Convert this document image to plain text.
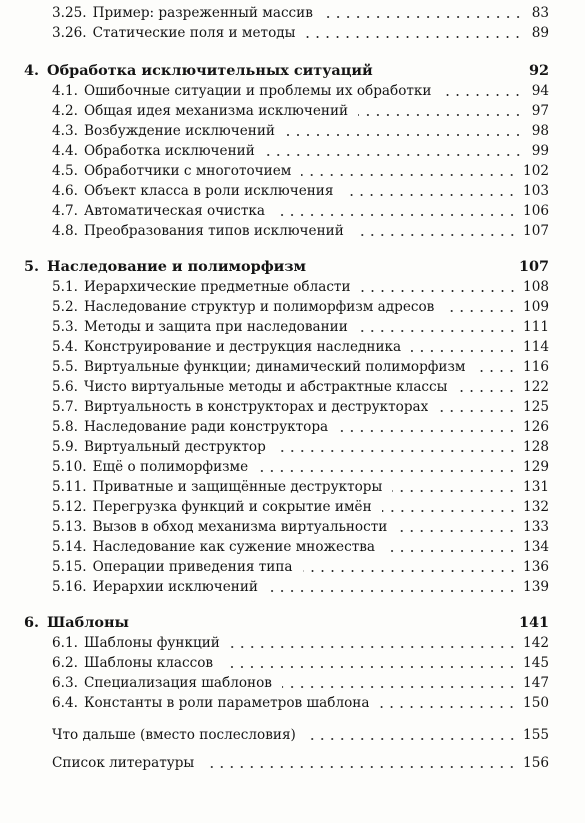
3.25. Пример: разреженный массив	83
3.26. Статические поля и методы	89
4. Обработка исключительных ситуаций	92
4.1. Ошибочные ситуации и проблемы их обработки	94
4.2. Общая идея механизма исключений	97
4.3. Возбуждение исключений	98
4.4. Обработка исключений	99
4.5. Обработчики с многоточием	102
4.6. Объект класса в роли исключения	103
4.7. Автоматическая очистка	106
4.8. Преобразования типов исключений	107
5. Наследование и полиморфизм	107
5.1. Иерархические предметные области	108
5.2. Наследование структур и полиморфизм адресов	109
5.3. Методы и защита при наследовании	111
5.4. Конструирование и деструкция наследника	114
5.5. Виртуальные функции; динамический полиморфизм	116
5.6. Чисто виртуальные методы и абстрактные классы	122
5.7. Виртуальность в конструкторах и деструкторах	125
5.8. Наследование ради конструктора	126
5.9. Виртуальный деструктор	128
5.10. Ещё о полиморфизме	129
5.11. Приватные и защищённые деструкторы	131
5.12. Перегрузка функций и сокрытие имён	132
5.13. Вызов в обход механизма виртуальности	133
5.14. Наследование как сужение множества	134
5.15. Операции приведения типа	136
5.16. Иерархии исключений	139
6. Шаблоны	141
6.1. Шаблоны функций	142
6.2. Шаблоны классов	145
6.3. Специализация шаблонов	147
6.4. Константы в роли параметров шаблона	150
Что дальше (вместо послесловия)	155
Список литературы	156
